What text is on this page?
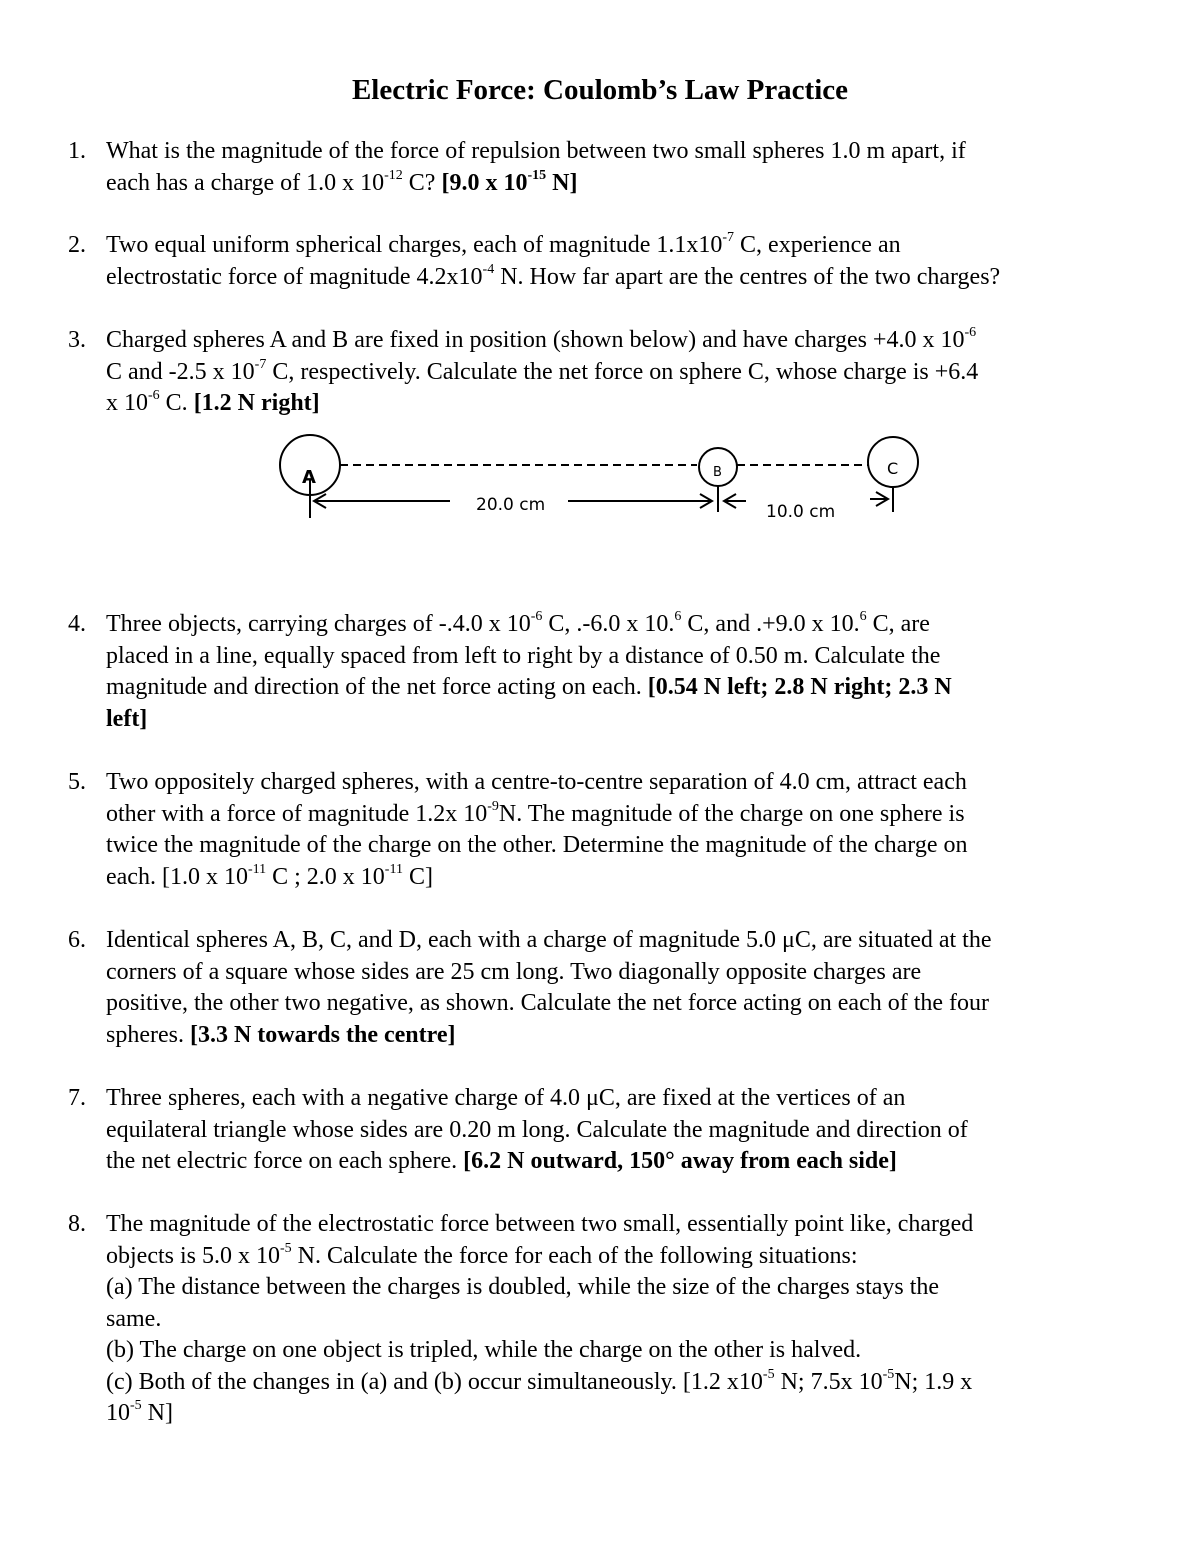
Electric Force: Coulomb’s Law Practice
1. What is the magnitude of the force of repulsion between two small spheres 1.0 m apart, if
each has a charge of 1.0 x $10^{-12}$ C? [9.0 x $10^{-15}$ N]
2. Two equal uniform spherical charges, each of magnitude $1.1x10^{-7}$ C, experience an
electrostatic force of magnitude $4.2x10^{-4}$ N. How far apart are the centres of the two charges?
3. Charged spheres A and B are fixed in position (shown below) and have charges +4.0 x $10^{-6}$
C and -2.5 x $10^{-7}$ C, respectively. Calculate the net force on sphere C, whose charge is +6.4
x $10^{-6}$ C. [1.2 N right]
A	B	C
20.0 cm	10.0 cm
4. Three objects, carrying charges of -.4.0 x $10^{-6}$ C, .-6.0 x 10.$^6$ C, and .+9.0 x 10.$^6$ C, are
placed in a line, equally spaced from left to right by a distance of 0.50 m. Calculate the
magnitude and direction of the net force acting on each. [0.54 N left; 2.8 N right; 2.3 N
left]
5. Two oppositely charged spheres, with a centre-to-centre separation of 4.0 cm, attract each
other with a force of magnitude 1.2x $10^{-9}N$. The magnitude of the charge on one sphere is
twice the magnitude of the charge on the other. Determine the magnitude of the charge on
each. [1.0 x $10^{-11}$ C ; 2.0 x $10^{-11}$ C]
6. Identical spheres A, B, C, and D, each with a charge of magnitude 5.0 μC, are situated at the
corners of a square whose sides are 25 cm long. Two diagonally opposite charges are
positive, the other two negative, as shown. Calculate the net force acting on each of the four
spheres. [3.3 N towards the centre]
7. Three spheres, each with a negative charge of 4.0 μC, are fixed at the vertices of an
equilateral triangle whose sides are 0.20 m long. Calculate the magnitude and direction of
the net electric force on each sphere. [6.2 N outward, 150° away from each side]
8. The magnitude of the electrostatic force between two small, essentially point like, charged
objects is 5.0 x $10^{-5}$ N. Calculate the force for each of the following situations:
(a) The distance between the charges is doubled, while the size of the charges stays the
same.
(b) The charge on one object is tripled, while the charge on the other is halved.
(c) Both of the changes in (a) and (b) occur simultaneously. [1.2 $x10^{-5}$ N; 7.5x $10^{-5}N$; 1.9 x
$10^{-5}$ N]
